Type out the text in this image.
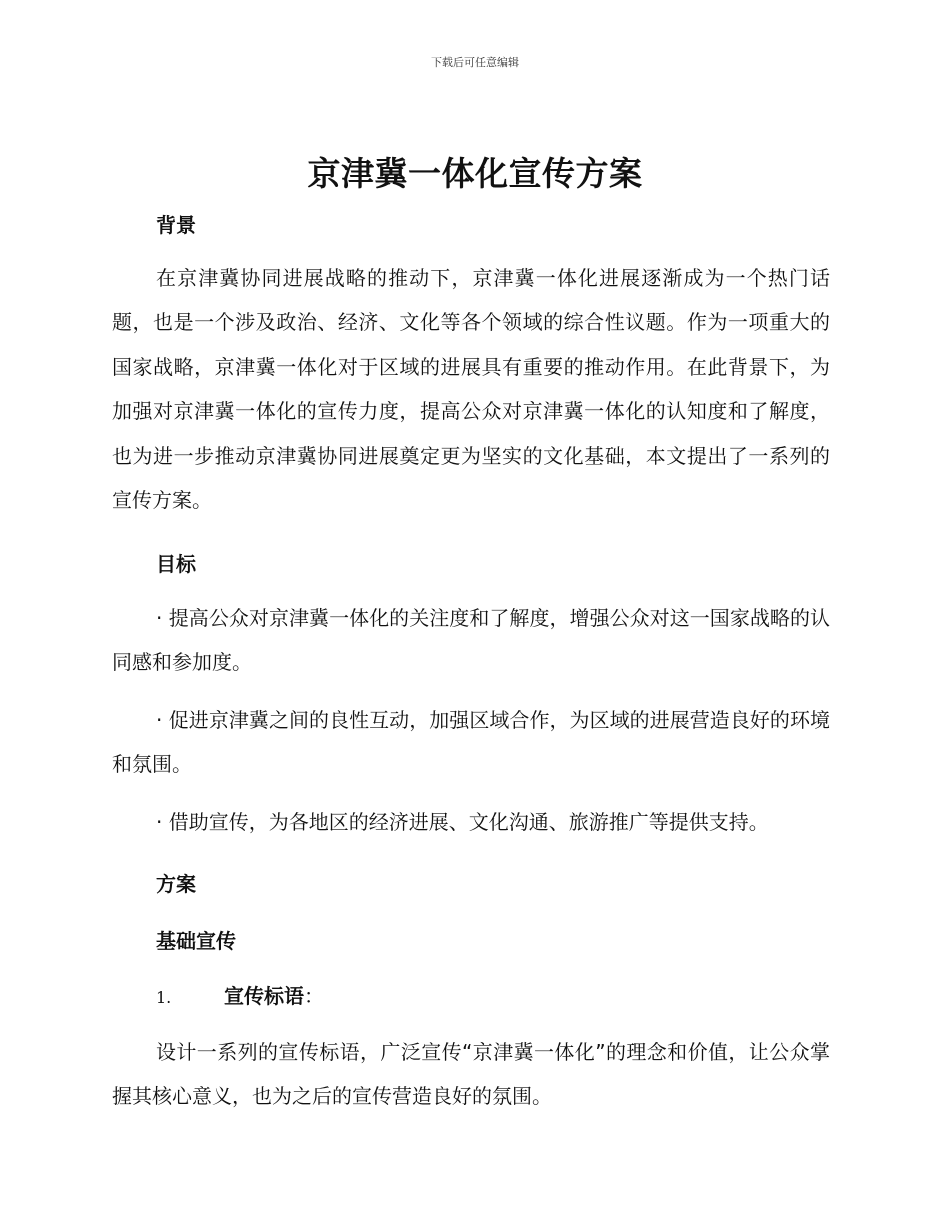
下载后可任意编辑
京津冀一体化宣传方案
背景

在京津冀协同进展战略的推动下，京津冀一体化进展逐渐成为一个热门话题，也是一个涉及政治、经济、文化等各个领域的综合性议题。作为一项重大的国家战略，京津冀一体化对于区域的进展具有重要的推动作用。在此背景下，为加强对京津冀一体化的宣传力度，提高公众对京津冀一体化的认知度和了解度，也为进一步推动京津冀协同进展奠定更为坚实的文化基础，本文提出了一系列的宣传方案。

目标

· 提高公众对京津冀一体化的关注度和了解度，增强公众对这一国家战略的认同感和参加度。

· 促进京津冀之间的良性互动，加强区域合作，为区域的进展营造良好的环境和氛围。

· 借助宣传，为各地区的经济进展、文化沟通、旅游推广等提供支持。

方案
基础宣传
1.	宣传标语：

设计一系列的宣传标语，广泛宣传“京津冀一体化”的理念和价值，让公众掌握其核心意义，也为之后的宣传营造良好的氛围。
